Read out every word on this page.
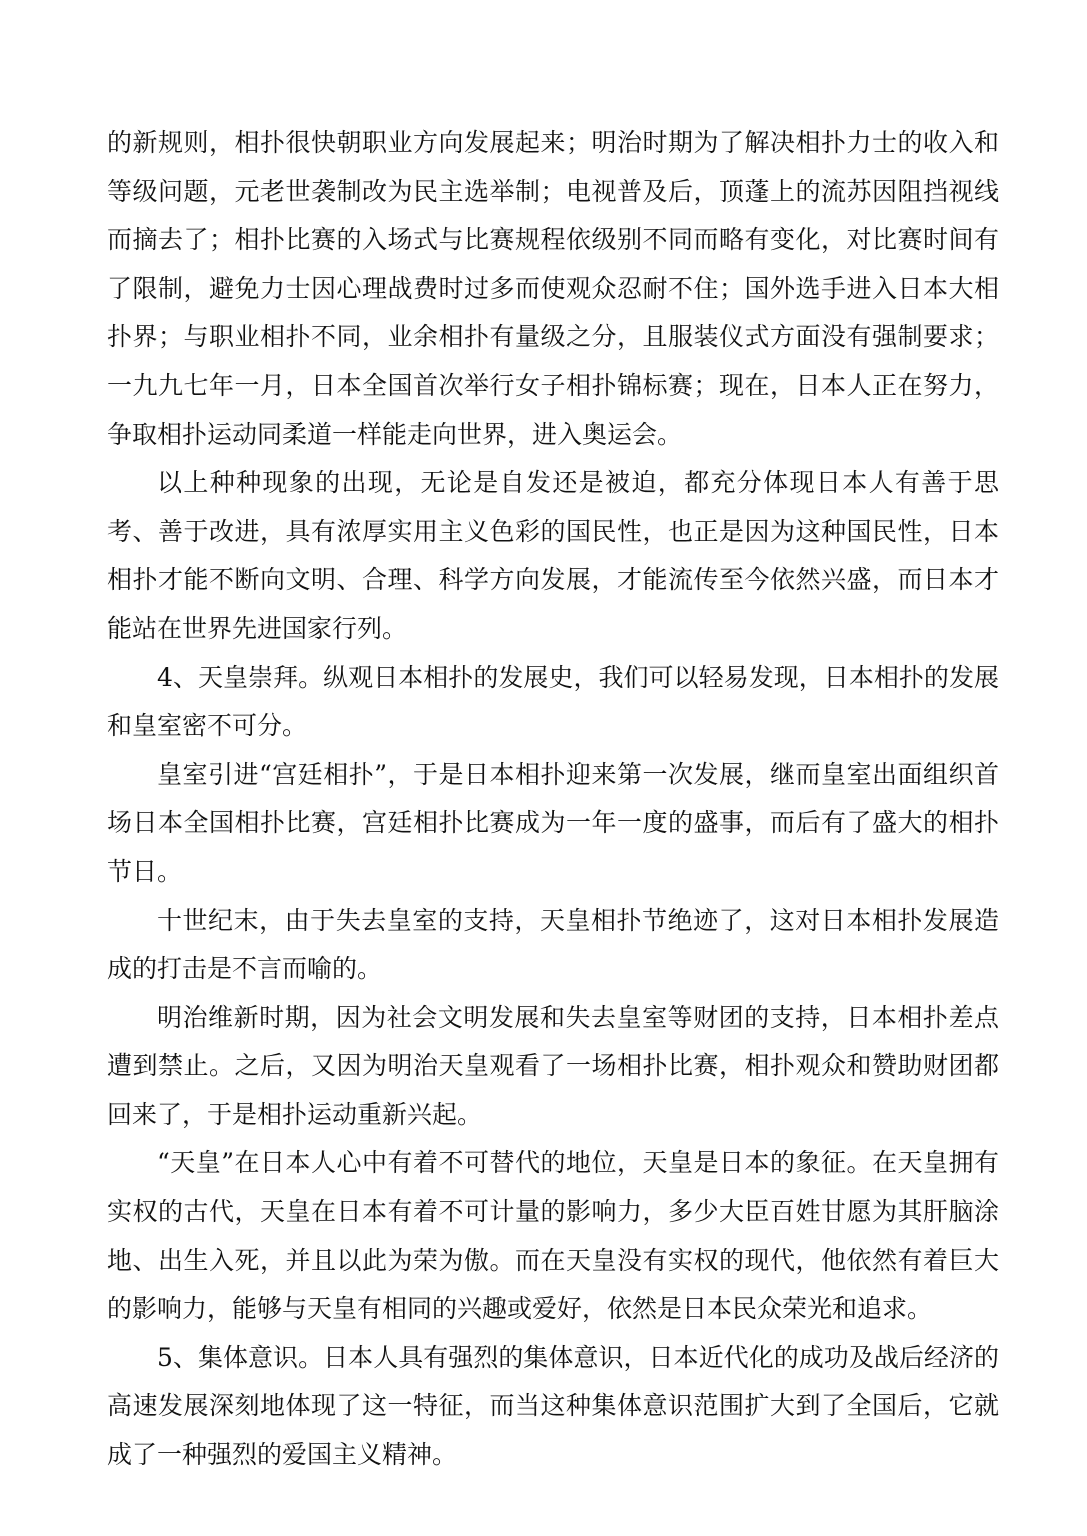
的新规则，相扑很快朝职业方向发展起来；明治时期为了解决相扑力士的收入和等级问题，元老世袭制改为民主选举制；电视普及后，顶蓬上的流苏因阻挡视线而摘去了；相扑比赛的入场式与比赛规程依级别不同而略有变化，对比赛时间有了限制，避免力士因心理战费时过多而使观众忍耐不住；国外选手进入日本大相扑界；与职业相扑不同，业余相扑有量级之分，且服装仪式方面没有强制要求；一九九七年一月，日本全国首次举行女子相扑锦标赛；现在，日本人正在努力，争取相扑运动同柔道一样能走向世界，进入奥运会。

以上种种现象的出现，无论是自发还是被迫，都充分体现日本人有善于思考、善于改进，具有浓厚实用主义色彩的国民性，也正是因为这种国民性，日本相扑才能不断向文明、合理、科学方向发展，才能流传至今依然兴盛，而日本才能站在世界先进国家行列。

4、天皇崇拜。纵观日本相扑的发展史，我们可以轻易发现，日本相扑的发展和皇室密不可分。

皇室引进“宫廷相扑”，于是日本相扑迎来第一次发展，继而皇室出面组织首场日本全国相扑比赛，宫廷相扑比赛成为一年一度的盛事，而后有了盛大的相扑节日。

十世纪末，由于失去皇室的支持，天皇相扑节绝迹了，这对日本相扑发展造成的打击是不言而喻的。

明治维新时期，因为社会文明发展和失去皇室等财团的支持，日本相扑差点遭到禁止。之后，又因为明治天皇观看了一场相扑比赛，相扑观众和赞助财团都回来了，于是相扑运动重新兴起。

“天皇”在日本人心中有着不可替代的地位，天皇是日本的象征。在天皇拥有实权的古代，天皇在日本有着不可计量的影响力，多少大臣百姓甘愿为其肝脑涂地、出生入死，并且以此为荣为傲。而在天皇没有实权的现代，他依然有着巨大的影响力，能够与天皇有相同的兴趣或爱好，依然是日本民众荣光和追求。

5、集体意识。日本人具有强烈的集体意识，日本近代化的成功及战后经济的高速发展深刻地体现了这一特征，而当这种集体意识范围扩大到了全国后，它就成了一种强烈的爱国主义精神。
